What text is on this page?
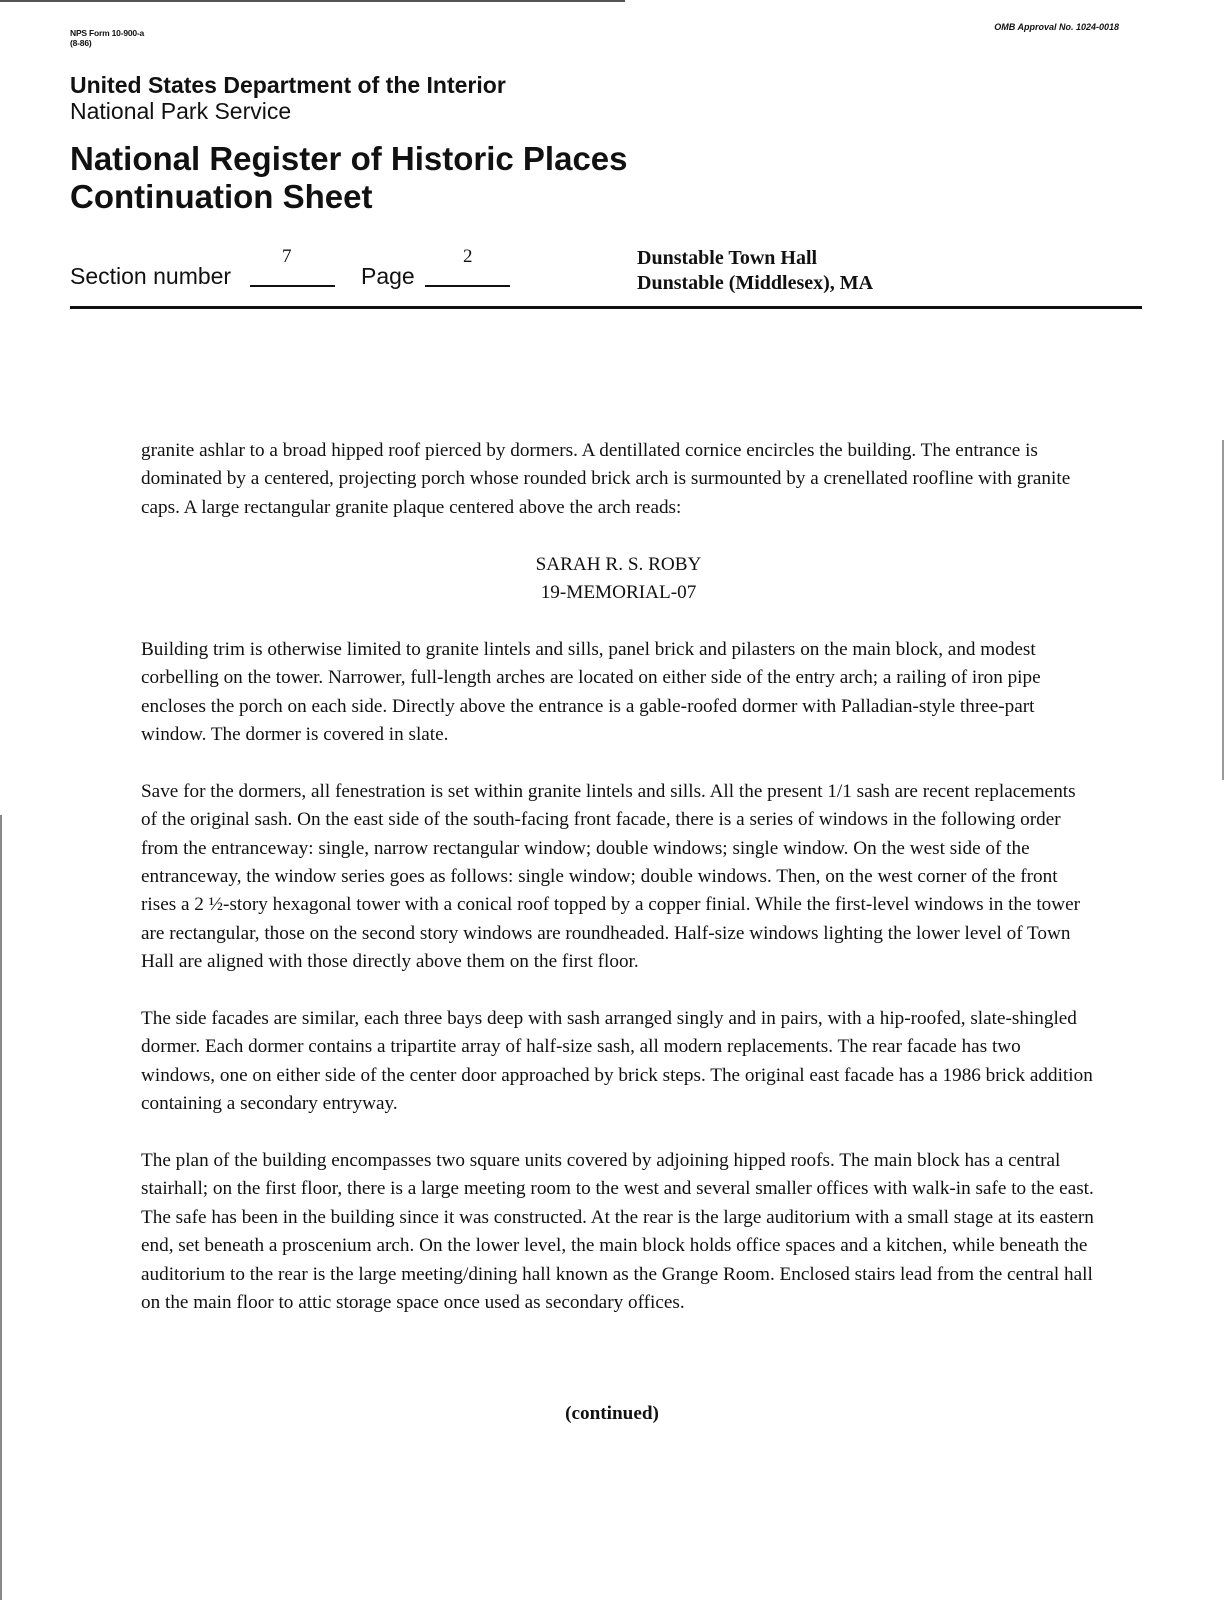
NPS Form 10-900-a
(8-86)
OMB Approval No. 1024-0018
United States Department of the Interior
National Park Service
National Register of Historic Places
Continuation Sheet
Section number
7
Page
2	Dunstable Town Hall
Dunstable (Middlesex), MA

granite ashlar to a broad hipped roof pierced by dormers. A dentillated cornice encircles the building. The entrance is dominated by a centered, projecting porch whose rounded brick arch is surmounted by a crenellated roofline with granite caps. A large rectangular granite plaque centered above the arch reads:

SARAH R. S. ROBY
19-MEMORIAL-07

Building trim is otherwise limited to granite lintels and sills, panel brick and pilasters on the main block, and modest corbelling on the tower. Narrower, full-length arches are located on either side of the entry arch; a railing of iron pipe encloses the porch on each side. Directly above the entrance is a gable-roofed dormer with Palladian-style three-part window. The dormer is covered in slate.

Save for the dormers, all fenestration is set within granite lintels and sills. All the present 1/1 sash are recent replacements of the original sash. On the east side of the south-facing front facade, there is a series of windows in the following order from the entranceway: single, narrow rectangular window; double windows; single window. On the west side of the entranceway, the window series goes as follows: single window; double windows. Then, on the west corner of the front rises a 2 ½-story hexagonal tower with a conical roof topped by a copper finial. While the first-level windows in the tower are rectangular, those on the second story windows are roundheaded. Half-size windows lighting the lower level of Town Hall are aligned with those directly above them on the first floor.

The side facades are similar, each three bays deep with sash arranged singly and in pairs, with a hip-roofed, slate-shingled dormer. Each dormer contains a tripartite array of half-size sash, all modern replacements. The rear facade has two windows, one on either side of the center door approached by brick steps. The original east facade has a 1986 brick addition containing a secondary entryway.

The plan of the building encompasses two square units covered by adjoining hipped roofs. The main block has a central stairhall; on the first floor, there is a large meeting room to the west and several smaller offices with walk-in safe to the east. The safe has been in the building since it was constructed. At the rear is the large auditorium with a small stage at its eastern end, set beneath a proscenium arch. On the lower level, the main block holds office spaces and a kitchen, while beneath the auditorium to the rear is the large meeting/dining hall known as the Grange Room. Enclosed stairs lead from the central hall on the main floor to attic storage space once used as secondary offices.

(continued)
